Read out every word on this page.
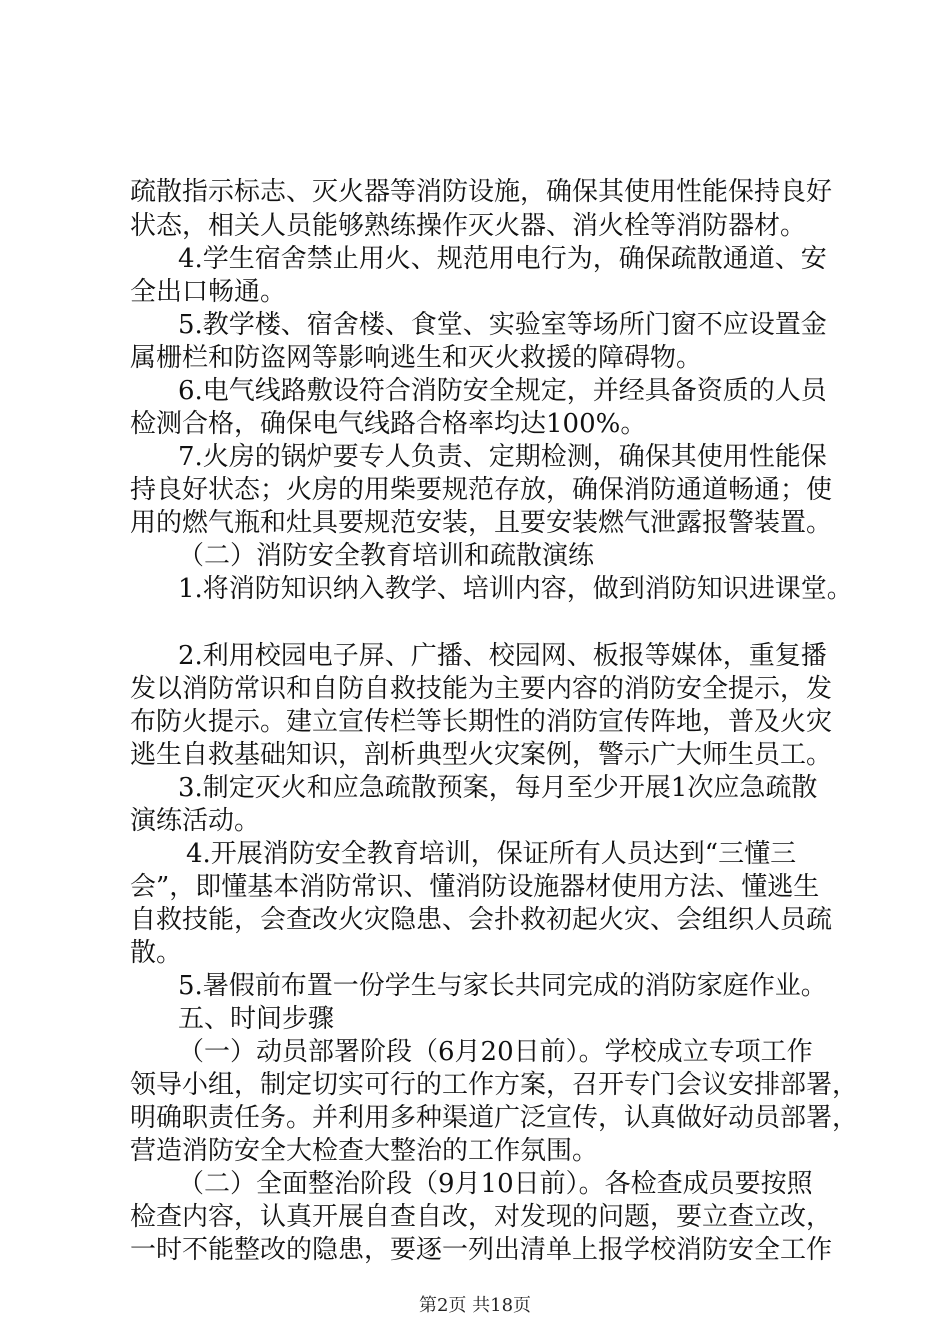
疏散指示标志、灭火器等消防设施，确保其使用性能保持良好
状态，相关人员能够熟练操作灭火器、消火栓等消防器材。
4.学生宿舍禁止用火、规范用电行为，确保疏散通道、安
全出口畅通。
5.教学楼、宿舍楼、食堂、实验室等场所门窗不应设置金
属栅栏和防盗网等影响逃生和灭火救援的障碍物。
6.电气线路敷设符合消防安全规定，并经具备资质的人员
检测合格，确保电气线路合格率均达100%。
7.火房的锅炉要专人负责、定期检测，确保其使用性能保
持良好状态；火房的用柴要规范存放，确保消防通道畅通；使
用的燃气瓶和灶具要规范安装，且要安装燃气泄露报警装置。
（二）消防安全教育培训和疏散演练
1.将消防知识纳入教学、培训内容，做到消防知识进课堂。
2.利用校园电子屏、广播、校园网、板报等媒体，重复播
发以消防常识和自防自救技能为主要内容的消防安全提示，发
布防火提示。建立宣传栏等长期性的消防宣传阵地，普及火灾
逃生自救基础知识，剖析典型火灾案例，警示广大师生员工。
3.制定灭火和应急疏散预案，每月至少开展1次应急疏散
演练活动。
4.开展消防安全教育培训，保证所有人员达到“三懂三
会”，即懂基本消防常识、懂消防设施器材使用方法、懂逃生
自救技能，会查改火灾隐患、会扑救初起火灾、会组织人员疏
散。
5.暑假前布置一份学生与家长共同完成的消防家庭作业。
五、时间步骤
（一）动员部署阶段（6月20日前）。学校成立专项工作
领导小组，制定切实可行的工作方案，召开专门会议安排部署，
明确职责任务。并利用多种渠道广泛宣传，认真做好动员部署，
营造消防安全大检查大整治的工作氛围。
（二）全面整治阶段（9月10日前）。各检查成员要按照
检查内容，认真开展自查自改，对发现的问题，要立查立改，
一时不能整改的隐患，要逐一列出清单上报学校消防安全工作
第2页 共18页
